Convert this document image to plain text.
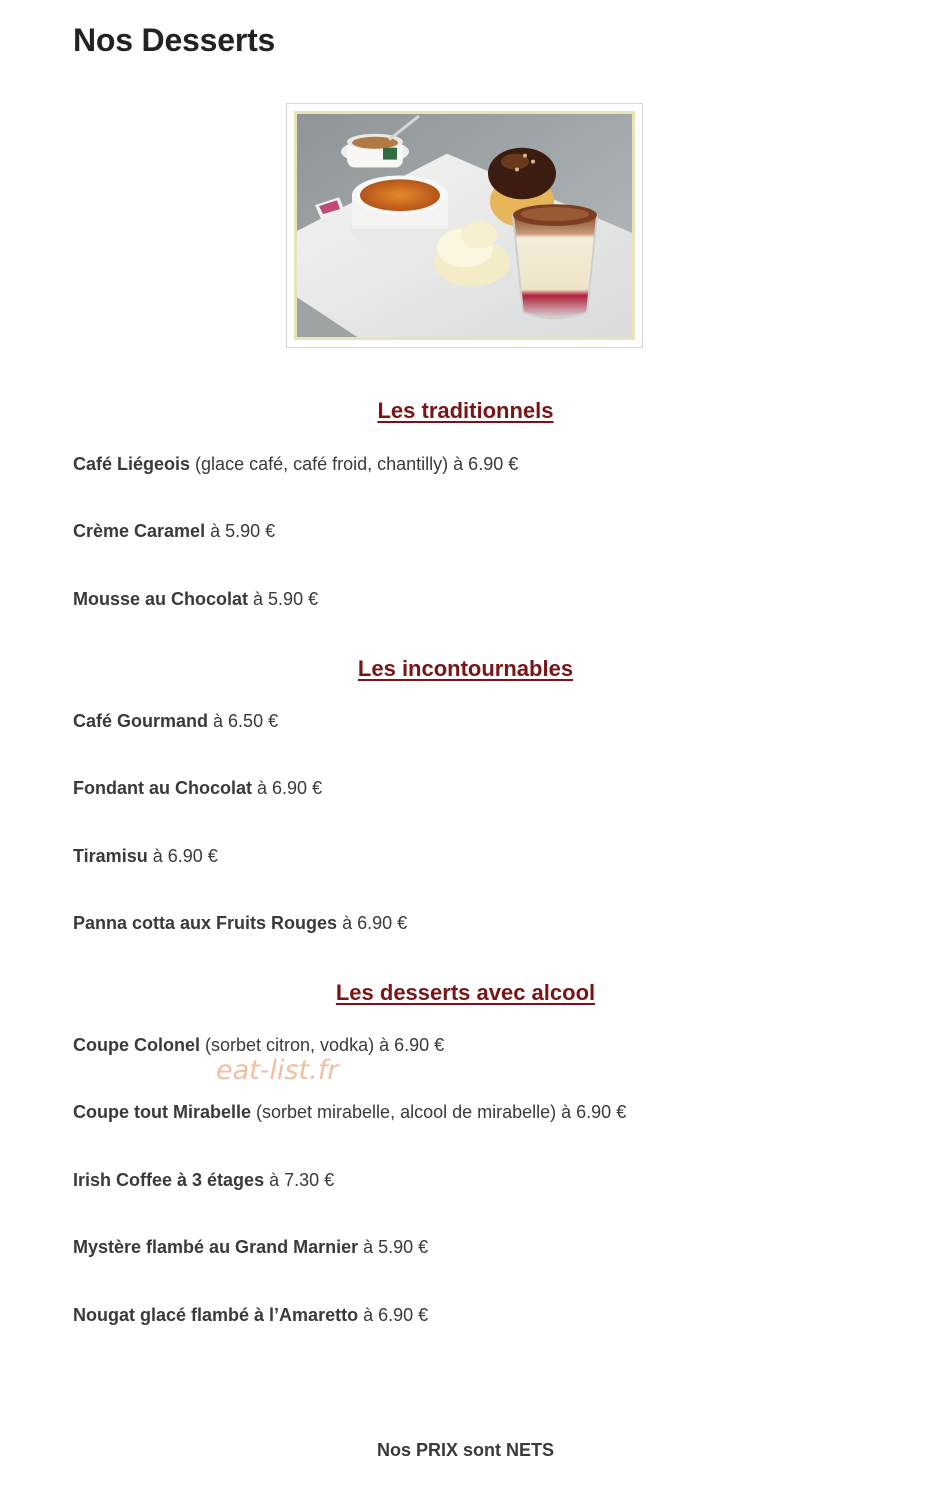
Nos Desserts
Les traditionnels

Café Liégeois (glace café, café froid, chantilly) à 6.90 €

Crème Caramel à 5.90 €

Mousse au Chocolat à 5.90 €

Les incontournables

Café Gourmand à 6.50 €

Fondant au Chocolat à 6.90 €

Tiramisu à 6.90 €

Panna cotta aux Fruits Rouges à 6.90 €

Les desserts avec alcool

Coupe Colonel (sorbet citron, vodka) à 6.90 €

Coupe tout Mirabelle (sorbet mirabelle, alcool de mirabelle) à 6.90 €

Irish Coffee à 3 étages à 7.30 €

Mystère flambé au Grand Marnier à 5.90 €

Nougat glacé flambé à l’Amaretto à 6.90 €

eat-list.fr

Nos PRIX sont NETS
